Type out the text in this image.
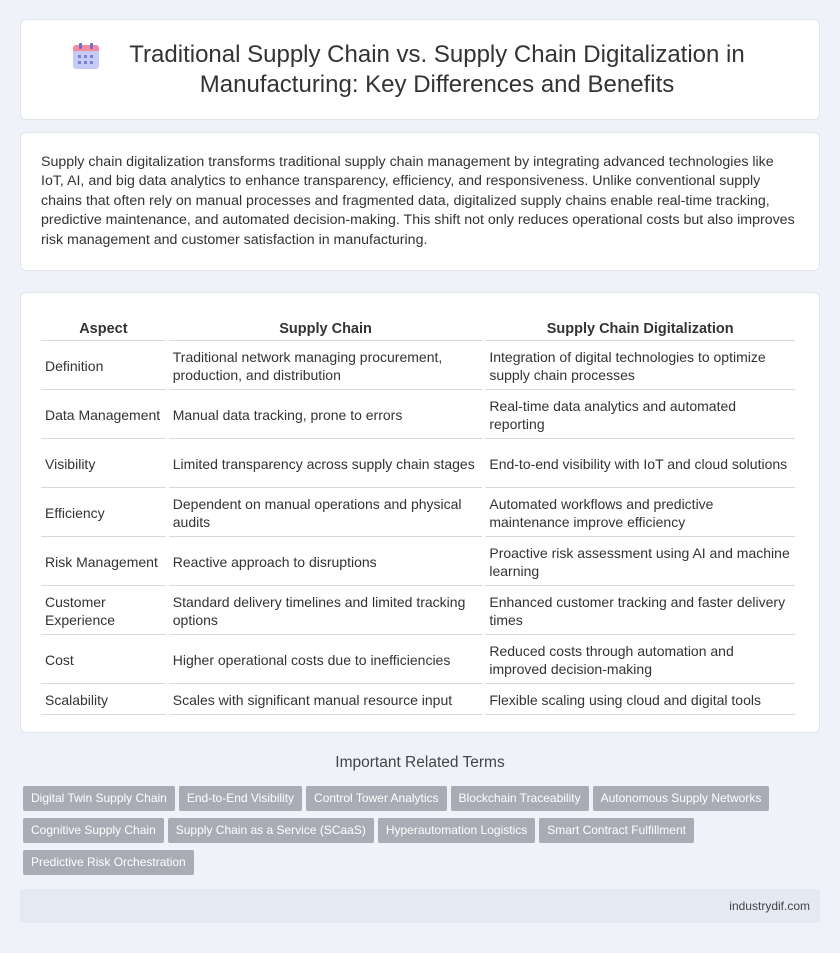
Traditional Supply Chain vs. Supply Chain Digitalization in Manufacturing: Key Differences and Benefits

Supply chain digitalization transforms traditional supply chain management by integrating advanced technologies like IoT, AI, and big data analytics to enhance transparency, efficiency, and responsiveness. Unlike conventional supply chains that often rely on manual processes and fragmented data, digitalized supply chains enable real-time tracking, predictive maintenance, and automated decision-making. This shift not only reduces operational costs but also improves risk management and customer satisfaction in manufacturing.

Aspect	Supply Chain	Supply Chain Digitalization
Definition	Traditional network managing procurement, production, and distribution	Integration of digital technologies to optimize supply chain processes
Data Management	Manual data tracking, prone to errors	Real-time data analytics and automated reporting
Visibility	Limited transparency across supply chain stages	End-to-end visibility with IoT and cloud solutions
Efficiency	Dependent on manual operations and physical audits	Automated workflows and predictive maintenance improve efficiency
Risk Management	Reactive approach to disruptions	Proactive risk assessment using AI and machine learning
Customer Experience	Standard delivery timelines and limited tracking options	Enhanced customer tracking and faster delivery times
Cost	Higher operational costs due to inefficiencies	Reduced costs through automation and improved decision-making
Scalability	Scales with significant manual resource input	Flexible scaling using cloud and digital tools
Important Related Terms
Digital Twin Supply Chain End-to-End Visibility Control Tower Analytics Blockchain Traceability Autonomous Supply NetworksCognitive Supply Chain Supply Chain as a Service (SCaaS) Hyperautomation Logistics Smart Contract FulfillmentPredictive Risk Orchestration
industrydif.com
